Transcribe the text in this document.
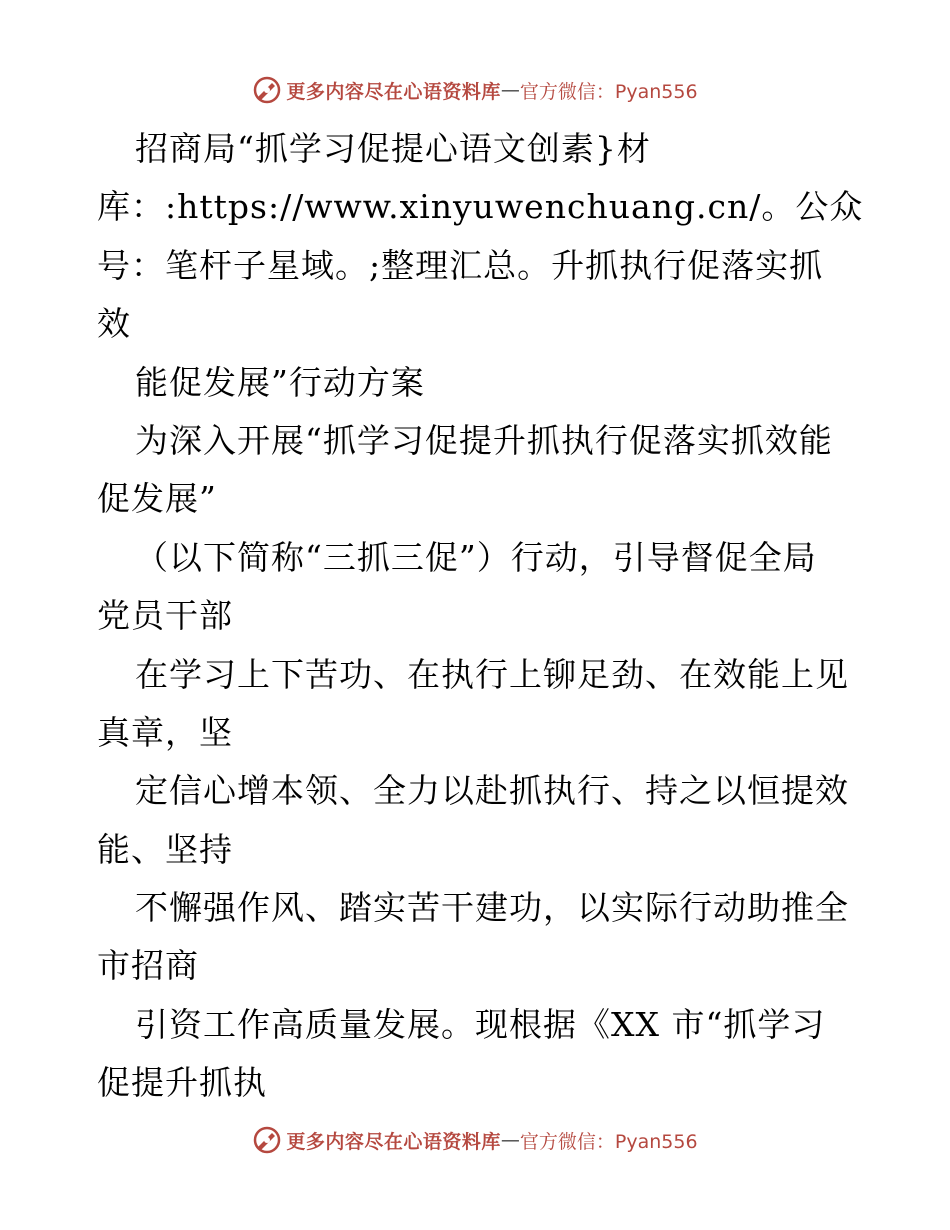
更多内容尽在心语资料库 — 官方微信：Pyan556
招商局“抓学习促提心语文创素}材
库：:https://www.xinyuwenchuang.cn/。公众
号：笔杆子星域。;整理汇总。升抓执行促落实抓
效
能促发展”行动方案
为深入开展“抓学习促提升抓执行促落实抓效能
促发展”
（以下简称“三抓三促”）行动，引导督促全局
党员干部
在学习上下苦功、在执行上铆足劲、在效能上见
真章，坚
定信心增本领、全力以赴抓执行、持之以恒提效
能、坚持
不懈强作风、踏实苦干建功，以实际行动助推全
市招商
引资工作高质量发展。现根据《XX 市“抓学习
促提升抓执
更多内容尽在心语资料库 — 官方微信：Pyan556
